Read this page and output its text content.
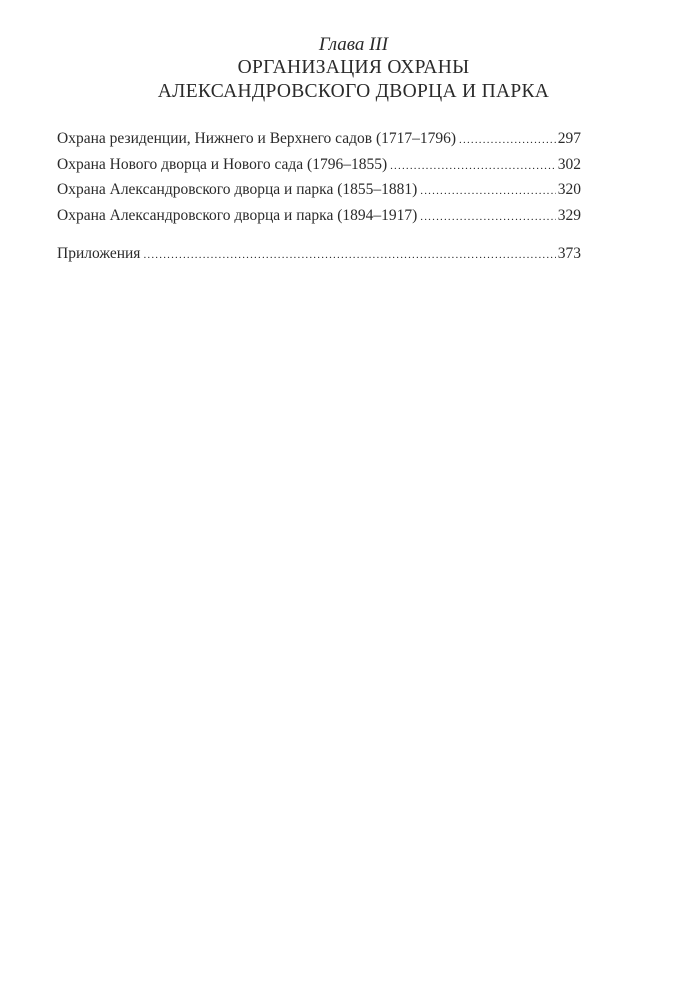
Глава III
ОРГАНИЗАЦИЯ ОХРАНЫ
АЛЕКСАНДРОВСКОГО ДВОРЦА И ПАРКА
Охрана резиденции, Нижнего и Верхнего садов (1717–1796) .....	297
Охрана Нового дворца и Нового сада (1796–1855) .....	302
Охрана Александровского дворца и парка (1855–1881) .....	320
Охрана Александровского дворца и парка (1894–1917) .....	329
Приложения .....	373
